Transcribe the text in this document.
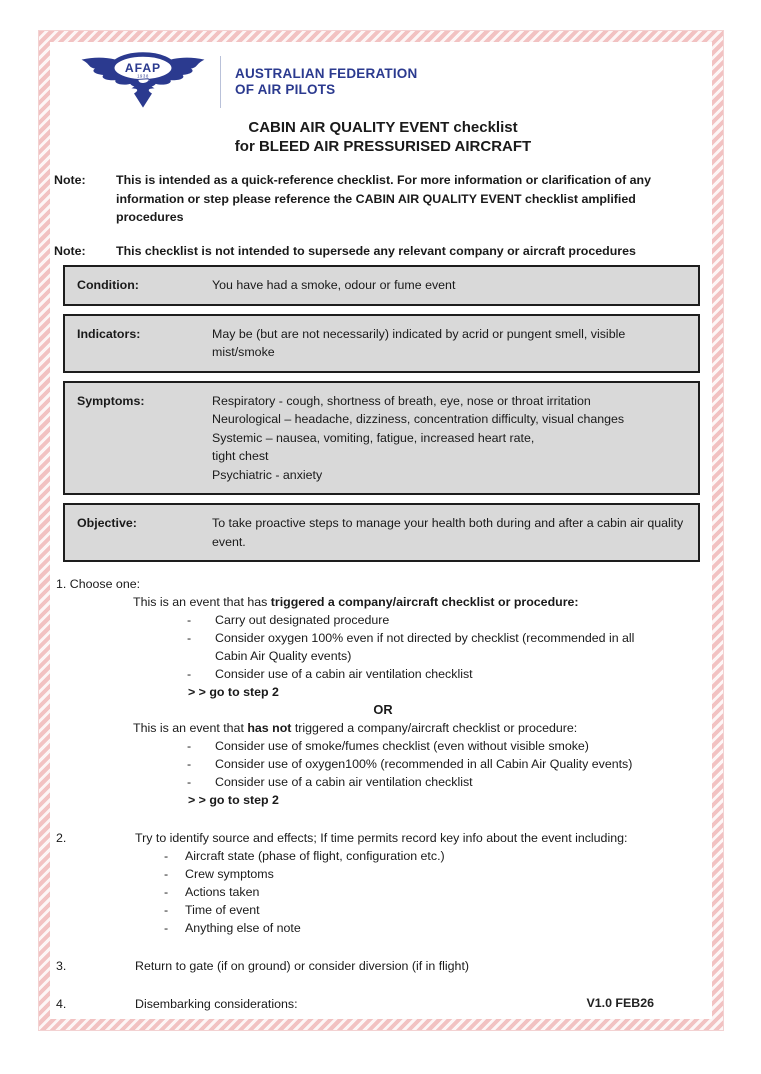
AFAP
1938	AUSTRALIAN FEDERATION
OF AIR PILOTS
CABIN AIR QUALITY EVENT checklist
for BLEED AIR PRESSURISED AIRCRAFT
Note:	This is intended as a quick-reference checklist. For more information or clarification of any information or step please reference the CABIN AIR QUALITY EVENT checklist amplified procedures
Note:	This checklist is not intended to supersede any relevant company or aircraft procedures
Condition:	You have had a smoke, odour or fume event
Indicators:	May be (but are not necessarily) indicated by acrid or pungent smell, visible mist/smoke
Symptoms:	Respiratory - cough, shortness of breath, eye, nose or throat irritation
Neurological – headache, dizziness, concentration difficulty, visual changes
Systemic – nausea, vomiting, fatigue, increased heart rate,
tight chest
Psychiatric - anxiety
Objective:	To take proactive steps to manage your health both during and after a cabin air quality event.
1. Choose one:
This is an event that has triggered a company/aircraft checklist or procedure:
-	Carry out designated procedure
-	Consider oxygen 100% even if not directed by checklist (recommended in all Cabin Air Quality events)
-	Consider use of a cabin air ventilation checklist
> > go to step 2
OR
This is an event that has not triggered a company/aircraft checklist or procedure:
-	Consider use of smoke/fumes checklist (even without visible smoke)
-	Consider use of oxygen100% (recommended in all Cabin Air Quality events)
-	Consider use of a cabin air ventilation checklist
> > go to step 2
2.	Try to identify source and effects; If time permits record key info about the event including:
-	Aircraft state (phase of flight, configuration etc.)
-	Crew symptoms
-	Actions taken
-	Time of event
-	Anything else of note
3.	Return to gate (if on ground) or consider diversion (if in flight)
4.	Disembarking considerations:	V1.0 FEB26
